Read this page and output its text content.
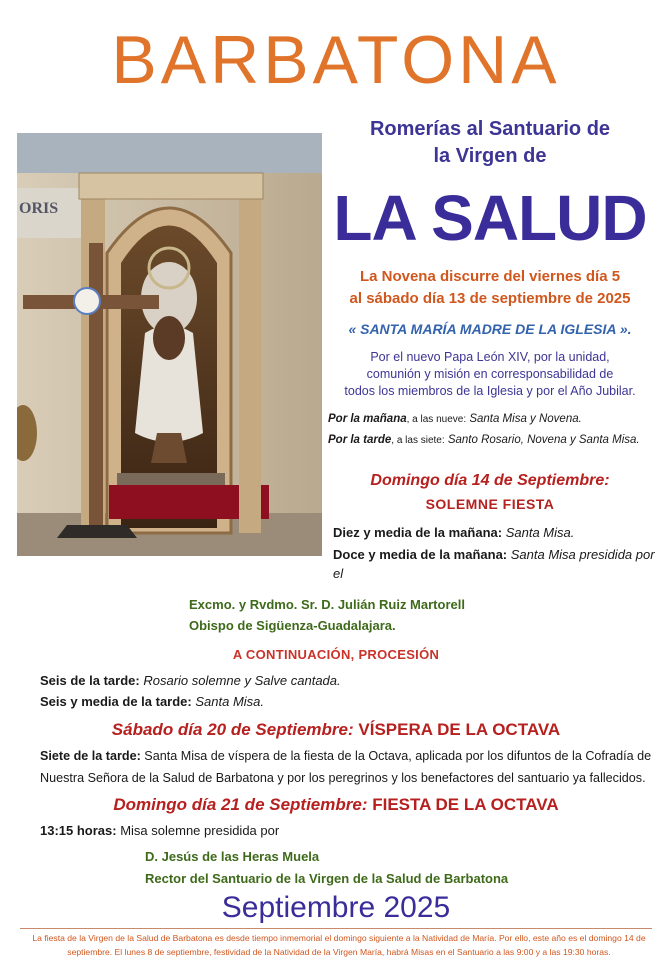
BARBATONA
ORIS
Romerías al Santuario de
la Virgen de
LA SALUD
La Novena discurre del viernes día 5
al sábado día 13 de septiembre de 2025
« SANTA MARÍA MADRE DE LA IGLESIA ».
Por el nuevo Papa León XIV, por la unidad,
comunión y misión en corresponsabilidad de
todos los miembros de la Iglesia y por el Año Jubilar.
Por la mañana, a las nueve: Santa Misa y Novena.
Por la tarde, a las siete: Santo Rosario, Novena y Santa Misa.
Domingo día 14 de Septiembre:
SOLEMNE FIESTA
Diez y media de la mañana: Santa Misa.
Doce y media de la mañana: Santa Misa presidida por el
Excmo. y Rvdmo. Sr. D. Julián Ruiz Martorell
Obispo de Sigüenza-Guadalajara.
A CONTINUACIÓN, PROCESIÓN
Seis de la tarde: Rosario solemne y Salve cantada.
Seis y media de la tarde: Santa Misa.
Sábado día 20 de Septiembre: VÍSPERA DE LA OCTAVA
Siete de la tarde: Santa Misa de víspera de la fiesta de la Octava, aplicada por los difuntos de la Cofradía de Nuestra Señora de la Salud de Barbatona y por los peregrinos y los benefactores del santuario ya fallecidos.
Domingo día 21 de Septiembre: FIESTA DE LA OCTAVA
13:15 horas: Misa solemne presidida por
D. Jesús de las Heras Muela
Rector del Santuario de la Virgen de la Salud de Barbatona
Septiembre 2025
La fiesta de la Virgen de la Salud de Barbatona es desde tiempo inmemorial el domingo siguiente a la Natividad de María. Por ello, este año es el domingo 14 de septiembre. El lunes 8 de septiembre, festividad de la Natividad de la Virgen María, habrá Misas en el Santuario a las 9:00 y a las 19:30 horas.
